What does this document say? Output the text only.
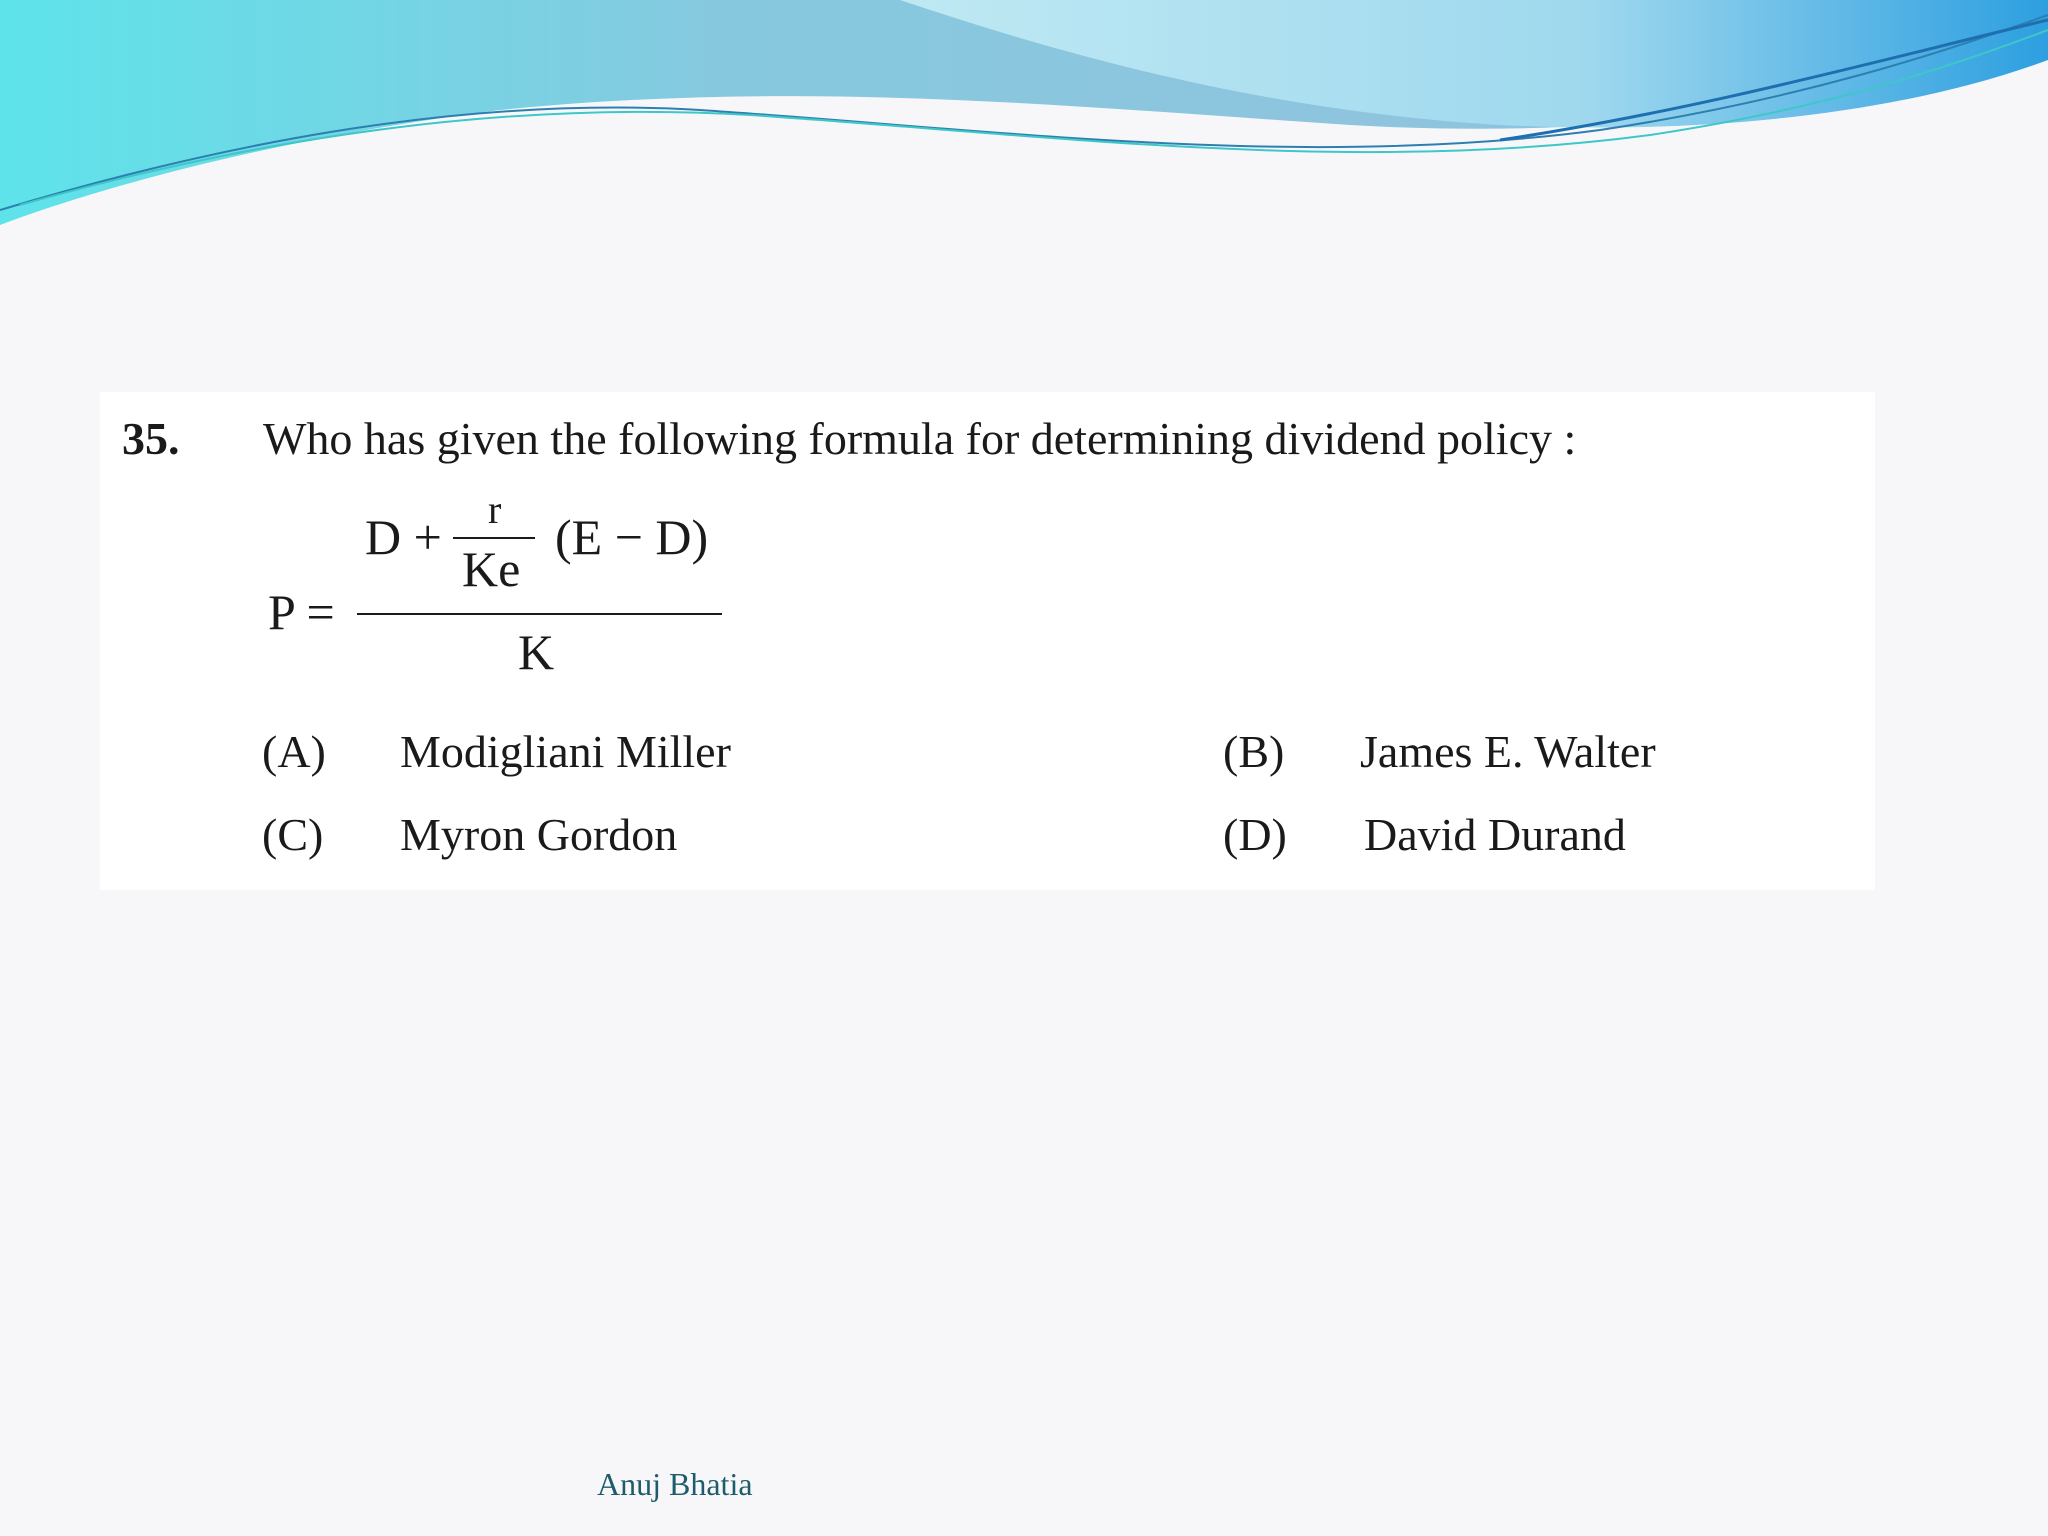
35. Who has given the following formula for determining dividend policy :
P =
D + r
Ke
(E − D)
K
(A) Modigliani Miller	(B) James E. Walter
(C) Myron Gordon	(D) David Durand
Anuj Bhatia
